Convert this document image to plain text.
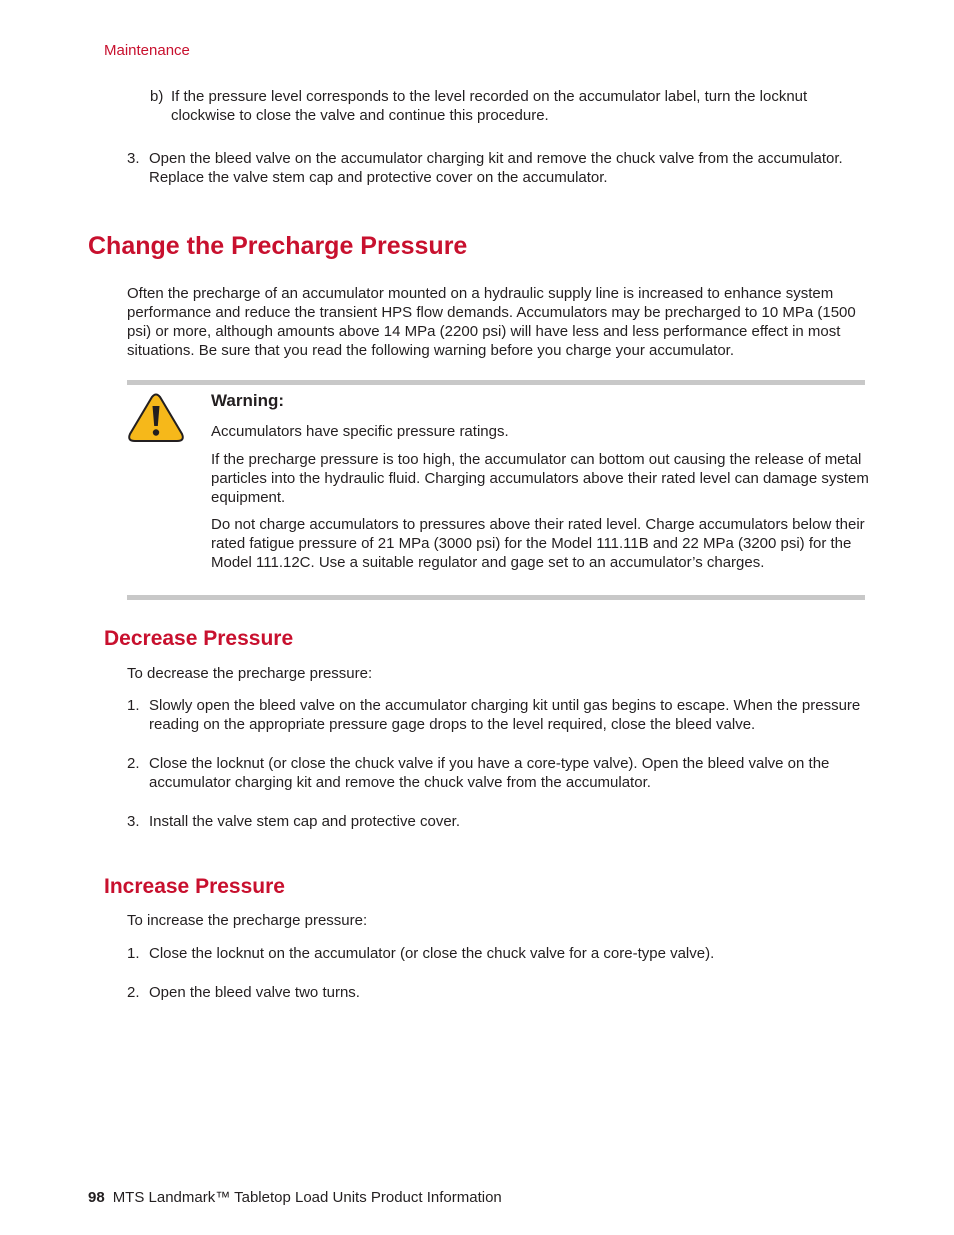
Maintenance
b) If the pressure level corresponds to the level recorded on the accumulator label, turn the locknut clockwise to close the valve and continue this procedure.
3. Open the bleed valve on the accumulator charging kit and remove the chuck valve from the accumulator. Replace the valve stem cap and protective cover on the accumulator.
Change the Precharge Pressure
Often the precharge of an accumulator mounted on a hydraulic supply line is increased to enhance system performance and reduce the transient HPS flow demands. Accumulators may be precharged to 10 MPa (1500 psi) or more, although amounts above 14 MPa (2200 psi) will have less and less performance effect in most situations. Be sure that you read the following warning before you charge your accumulator.
Warning:
Accumulators have specific pressure ratings.
If the precharge pressure is too high, the accumulator can bottom out causing the release of metal particles into the hydraulic fluid. Charging accumulators above their rated level can damage system equipment.
Do not charge accumulators to pressures above their rated level. Charge accumulators below their rated fatigue pressure of 21 MPa (3000 psi) for the Model 111.11B and 22 MPa (3200 psi) for the Model 111.12C. Use a suitable regulator and gage set to an accumulator’s charges.
Decrease Pressure
To decrease the precharge pressure:
1. Slowly open the bleed valve on the accumulator charging kit until gas begins to escape. When the pressure reading on the appropriate pressure gage drops to the level required, close the bleed valve.
2. Close the locknut (or close the chuck valve if you have a core-type valve). Open the bleed valve on the accumulator charging kit and remove the chuck valve from the accumulator.
3. Install the valve stem cap and protective cover.
Increase Pressure
To increase the precharge pressure:
1. Close the locknut on the accumulator (or close the chuck valve for a core-type valve).
2. Open the bleed valve two turns.
98 MTS Landmark™ Tabletop Load Units Product Information
